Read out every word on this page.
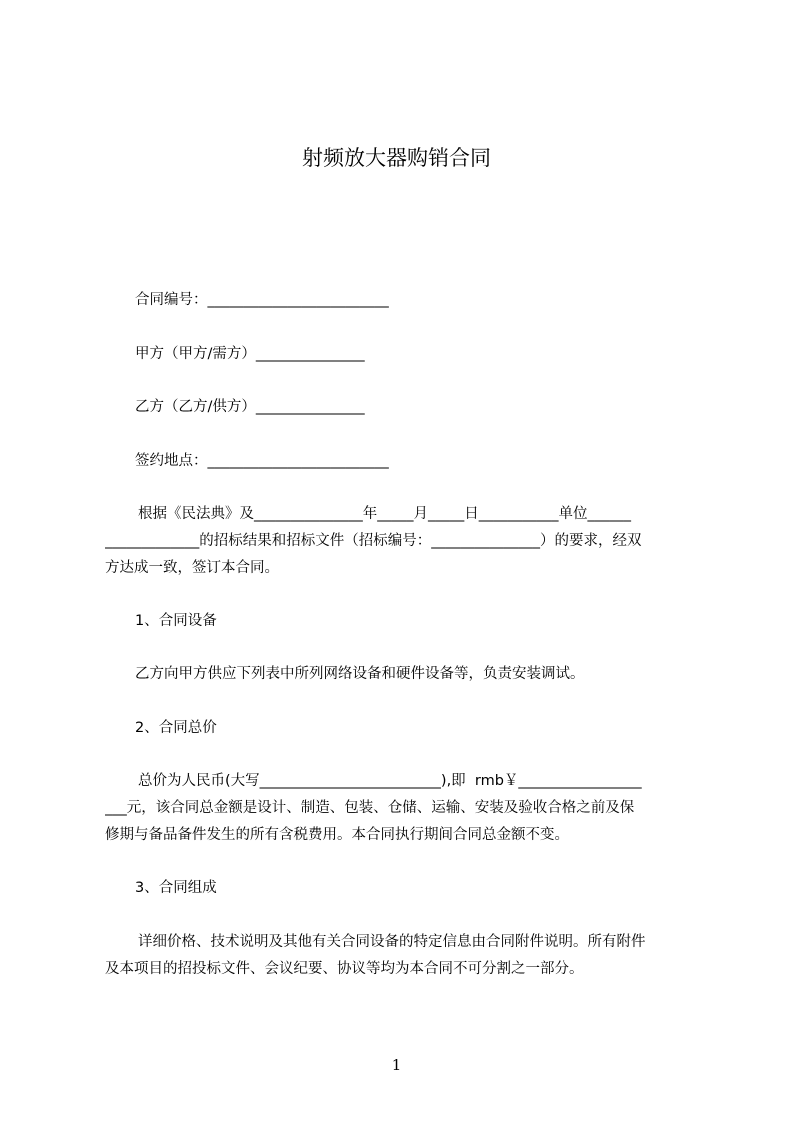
射频放大器购销合同
合同编号：_________________________
甲方（甲方/需方）_______________
乙方（乙方/供方）_______________
签约地点：_________________________
根据《民法典》及_______________年_____月_____日___________单位______
_____________的招标结果和招标文件（招标编号：_______________）的要求，经双
方达成一致，签订本合同。
1、合同设备
乙方向甲方供应下列表中所列网络设备和硬件设备等，负责安装调试。
2、合同总价
总价为人民币(大写_________________________),即  rmb￥_________________
___元，该合同总金额是设计、制造、包装、仓储、运输、安装及验收合格之前及保
修期与备品备件发生的所有含税费用。本合同执行期间合同总金额不变。
3、合同组成
详细价格、技术说明及其他有关合同设备的特定信息由合同附件说明。所有附件
及本项目的招投标文件、会议纪要、协议等均为本合同不可分割之一部分。
1
